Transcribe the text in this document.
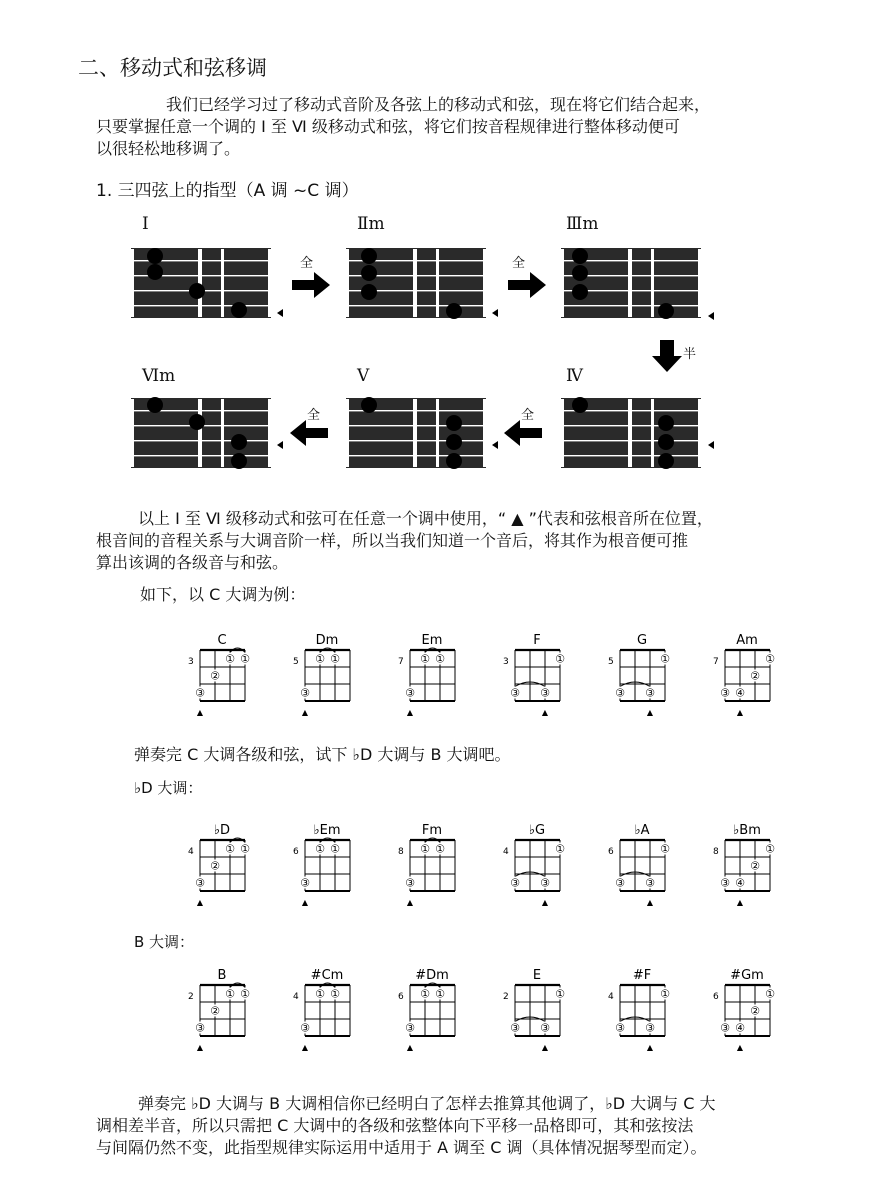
二、移动式和弦移调

我们已经学习过了移动式音阶及各弦上的移动式和弦，现在将它们结合起来，
只要掌握任意一个调的 Ⅰ 至 Ⅵ 级移动式和弦，将它们按音程规律进行整体移动便可
以很轻松地移调了。

1. 三四弦上的指型（A 调 ~C 调）
Ⅰ	Ⅱm	Ⅲm
Ⅵm	Ⅴ	Ⅳ
全	全
半
全	全

以上 Ⅰ 至 Ⅵ 级移动式和弦可在任意一个调中使用，“ ▲ ”代表和弦根音所在位置，
根音间的音程关系与大调音阶一样，所以当我们知道一个音后，将其作为根音便可推
算出该调的各级音与和弦。

如下，以 C 大调为例：
弹奏完 C 大调各级和弦，试下 ♭D 大调与 B 大调吧。
♭D 大调：
B 大调：
C
3	① ①
②
③
▲
Dm
5 ① ①
③
▲
Em
7 ① ①
③
▲
F
3	①
③ ③
▲
G
5	①
③ ③
▲
Am
7	①
②
③ ④
▲
♭D
4	① ①
②
③
▲
♭Em
6 ① ①
③
▲
Fm
8 ① ①
③
▲
♭G
4	①
③ ③
▲
♭A
6	①
③ ③
▲
♭Bm
8	①
②
③ ④
▲
B
2	① ①
②
③
▲
#Cm
4 ① ①
③
▲
#Dm
6 ① ①
③
▲
E
2	①
③ ③
▲
#F
4	①
③ ③
▲
#Gm
6	①
②
③ ④
▲

弹奏完 ♭D 大调与 B 大调相信你已经明白了怎样去推算其他调了，♭D 大调与 C 大
调相差半音，所以只需把 C 大调中的各级和弦整体向下平移一品格即可，其和弦按法
与间隔仍然不变，此指型规律实际运用中适用于 A 调至 C 调（具体情况据琴型而定）。
